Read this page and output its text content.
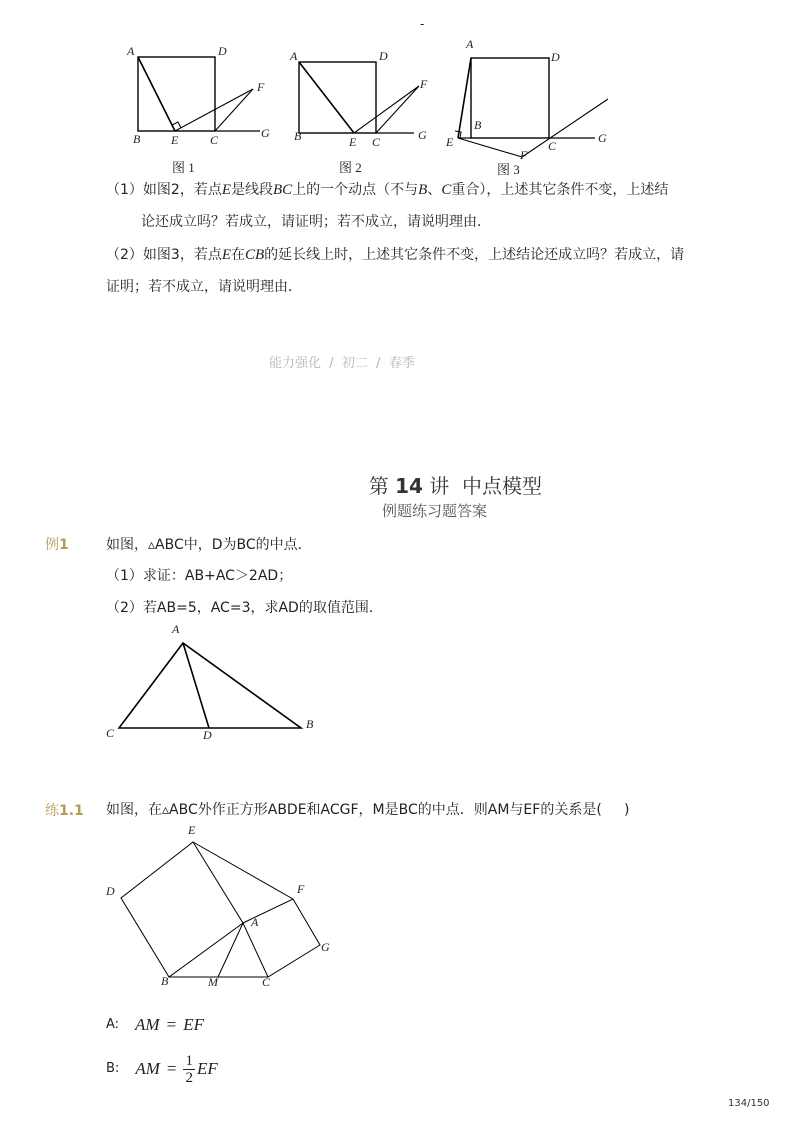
-
A	D
F
B	E	C	G
图 1
A	D
F
B	E C	G
图 2
A
D
B
E
F
C
G
图 3
（1）如图2，若点E是线段BC上的一个动点（不与B、C重合），上述其它条件不变，上述结
论还成立吗？若成立，请证明；若不成立，请说明理由．
（2）如图3，若点E在CB的延长线上时，上述其它条件不变，上述结论还成立吗？若成立，请
证明；若不成立，请说明理由．
能力强化  /  初二  /  春季

第 14 讲  中点模型

例题练习题答案
例1	如图，▵ABC中，D为BC的中点．
（1）求证：AB+AC＞2AD；
（2）若AB=5，AC=3，求AD的取值范围．
A
C	D
B
练1.1 如图，在▵ABC外作正方形ABDE和ACGF，M是BC的中点．则AM与EF的关系是(     )
E
D	F
A
G
B	M	C
A: AM = EF
B: AM = $\frac{1}{2}$ EF
134/150
